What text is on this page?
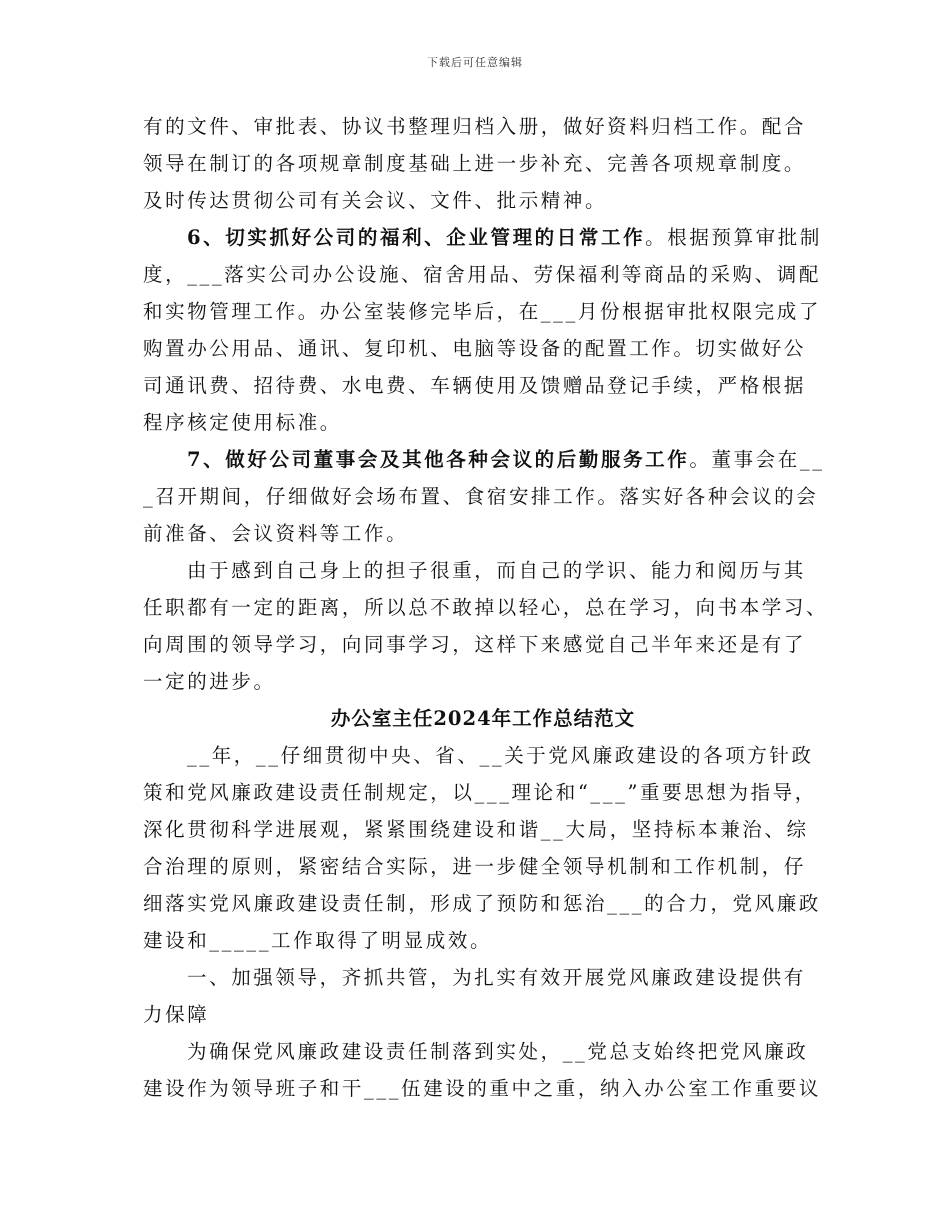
下载后可任意编辑
有的文件、审批表、协议书整理归档入册，做好资料归档工作。配合
领导在制订的各项规章制度基础上进一步补充、完善各项规章制度。
及时传达贯彻公司有关会议、文件、批示精神。
6、切实抓好公司的福利、企业管理的日常工作。根据预算审批制
度，___落实公司办公设施、宿舍用品、劳保福利等商品的采购、调配
和实物管理工作。办公室装修完毕后，在___月份根据审批权限完成了
购置办公用品、通讯、复印机、电脑等设备的配置工作。切实做好公
司通讯费、招待费、水电费、车辆使用及馈赠品登记手续，严格根据
程序核定使用标准。
7、做好公司董事会及其他各种会议的后勤服务工作。董事会在__
_召开期间，仔细做好会场布置、食宿安排工作。落实好各种会议的会
前准备、会议资料等工作。
由于感到自己身上的担子很重，而自己的学识、能力和阅历与其
任职都有一定的距离，所以总不敢掉以轻心，总在学习，向书本学习、
向周围的领导学习，向同事学习，这样下来感觉自己半年来还是有了
一定的进步。
办公室主任2024年工作总结范文
__年，__仔细贯彻中央、省、__关于党风廉政建设的各项方针政
策和党风廉政建设责任制规定，以___理论和“___”重要思想为指导，
深化贯彻科学进展观，紧紧围绕建设和谐__大局，坚持标本兼治、综
合治理的原则，紧密结合实际，进一步健全领导机制和工作机制，仔
细落实党风廉政建设责任制，形成了预防和惩治___的合力，党风廉政
建设和_____工作取得了明显成效。
一、加强领导，齐抓共管，为扎实有效开展党风廉政建设提供有
力保障
为确保党风廉政建设责任制落到实处，__党总支始终把党风廉政
建设作为领导班子和干___伍建设的重中之重，纳入办公室工作重要议
